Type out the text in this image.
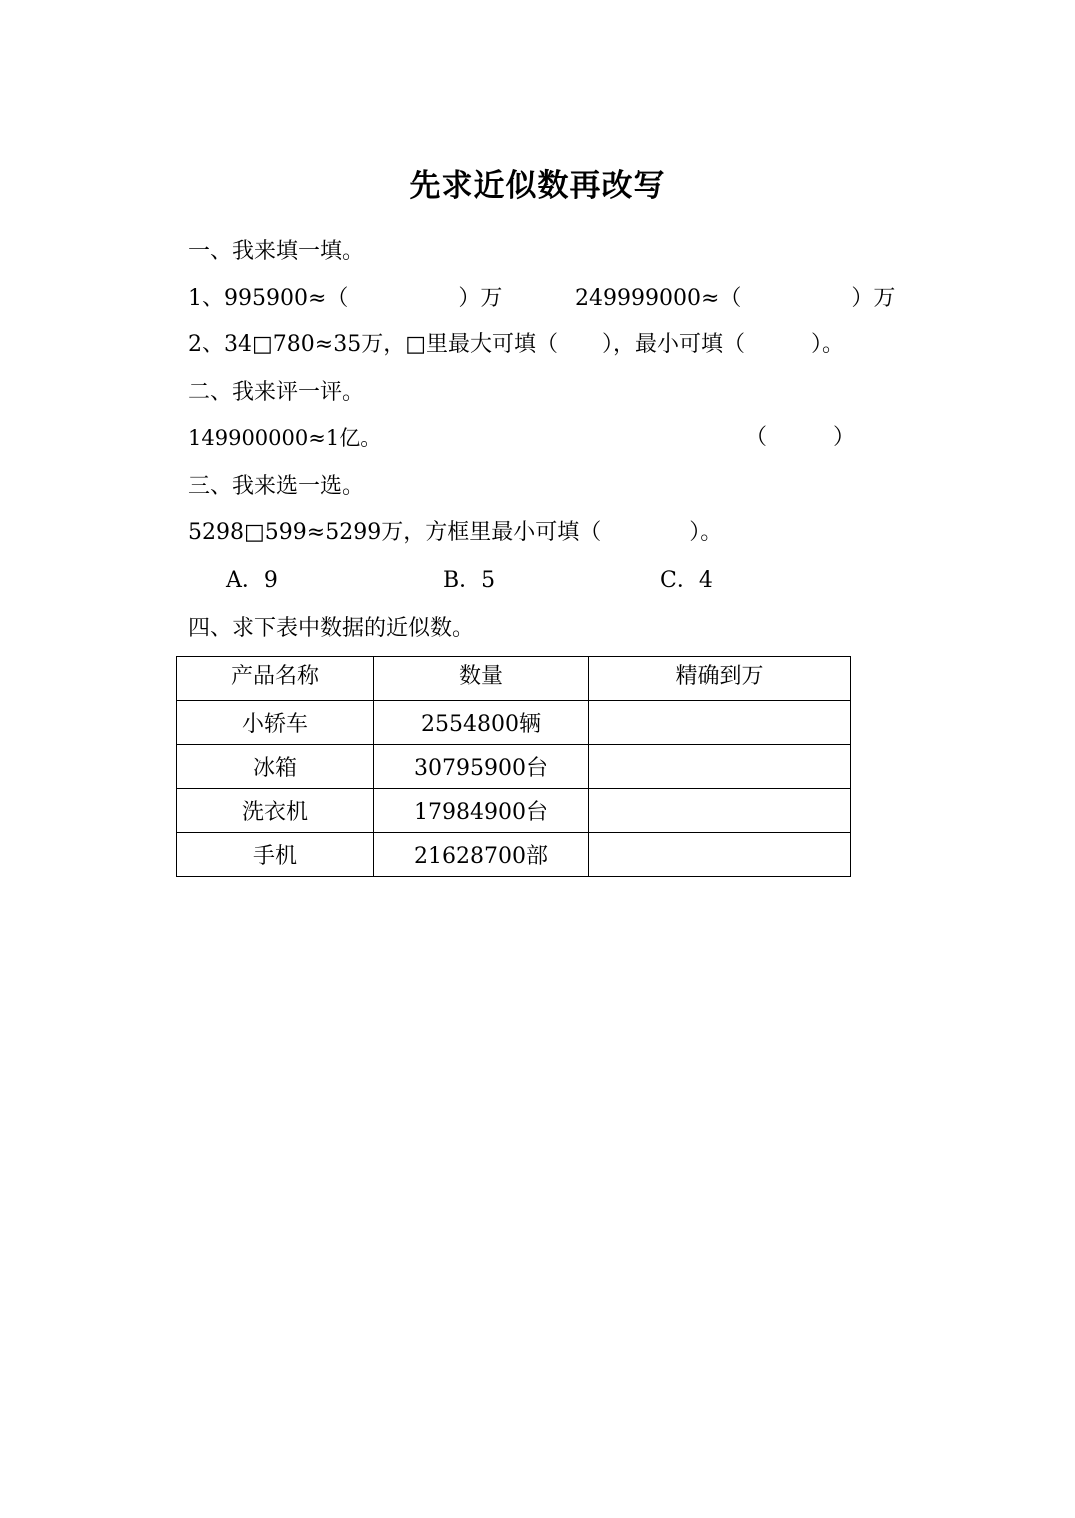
先求近似数再改写
一、我来填一填。
1、995900≈（　　　　　）万	249999000≈（　　　　　）万
2、34□780≈35万，□里最大可填（　　），最小可填（　　　）。
二、我来评一评。
149900000≈1亿。	（　　　）
三、我来选一选。
5298□599≈5299万，方框里最小可填（　　　　）。
A．9	B．5	C．4
四、求下表中数据的近似数。
产品名称	数量	精确到万
小轿车	2554800辆	
冰箱	30795900台	
洗衣机	17984900台	
手机	21628700部	
